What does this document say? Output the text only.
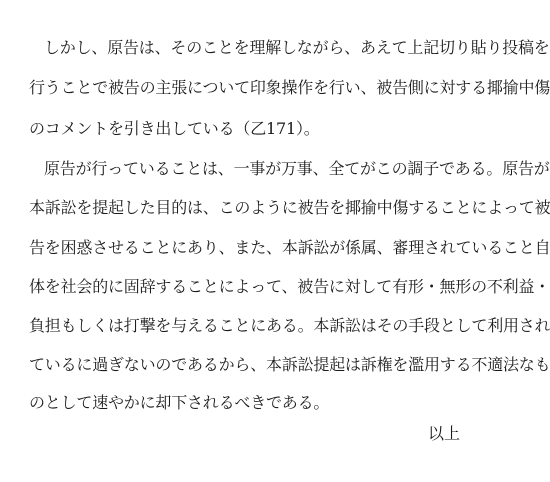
しかし、原告は、そのことを理解しながら、あえて上記切り貼り投稿を
行うことで被告の主張について印象操作を行い、被告側に対する揶揄中傷
のコメントを引き出している（乙171）。
原告が行っていることは、一事が万事、全てがこの調子である。原告が
本訴訟を提起した目的は、このように被告を揶揄中傷することによって被
告を困惑させることにあり、また、本訴訟が係属、審理されていること自
体を社会的に固辞することによって、被告に対して有形・無形の不利益・
負担もしくは打撃を与えることにある。本訴訟はその手段として利用され
ているに過ぎないのであるから、本訴訟提起は訴権を濫用する不適法なも
のとして速やかに却下されるべきである。
以上
